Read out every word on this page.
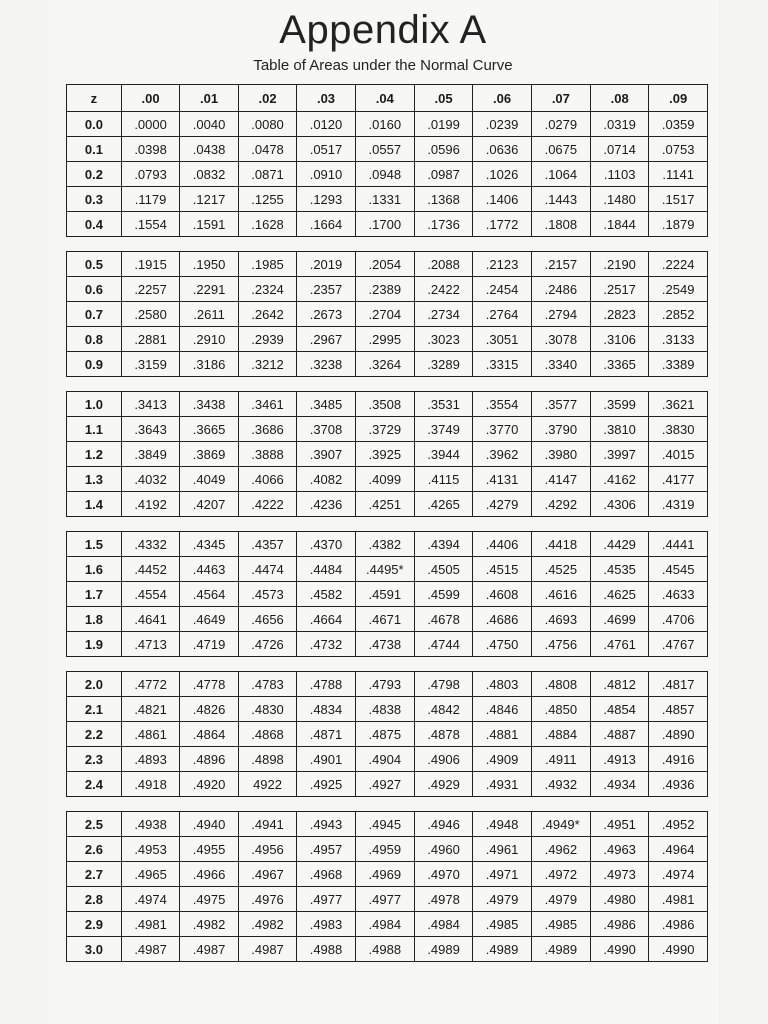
Appendix A
Table of Areas under the Normal Curve
z	.00	.01	.02	.03	.04	.05	.06	.07	.08	.09
0.0	.0000	.0040	.0080	.0120	.0160	.0199	.0239	.0279	.0319	.0359
0.1	.0398	.0438	.0478	.0517	.0557	.0596	.0636	.0675	.0714	.0753
0.2	.0793	.0832	.0871	.0910	.0948	.0987	.1026	.1064	.1103	.1141
0.3	.1179	.1217	.1255	.1293	.1331	.1368	.1406	.1443	.1480	.1517
0.4	.1554	.1591	.1628	.1664	.1700	.1736	.1772	.1808	.1844	.1879

0.5	.1915	.1950	.1985	.2019	.2054	.2088	.2123	.2157	.2190	.2224
0.6	.2257	.2291	.2324	.2357	.2389	.2422	.2454	.2486	.2517	.2549
0.7	.2580	.2611	.2642	.2673	.2704	.2734	.2764	.2794	.2823	.2852
0.8	.2881	.2910	.2939	.2967	.2995	.3023	.3051	.3078	.3106	.3133
0.9	.3159	.3186	.3212	.3238	.3264	.3289	.3315	.3340	.3365	.3389

1.0	.3413	.3438	.3461	.3485	.3508	.3531	.3554	.3577	.3599	.3621
1.1	.3643	.3665	.3686	.3708	.3729	.3749	.3770	.3790	.3810	.3830
1.2	.3849	.3869	.3888	.3907	.3925	.3944	.3962	.3980	.3997	.4015
1.3	.4032	.4049	.4066	.4082	.4099	.4115	.4131	.4147	.4162	.4177
1.4	.4192	.4207	.4222	.4236	.4251	.4265	.4279	.4292	.4306	.4319

1.5	.4332	.4345	.4357	.4370	.4382	.4394	.4406	.4418	.4429	.4441
1.6	.4452	.4463	.4474	.4484	.4495*	.4505	.4515	.4525	.4535	.4545
1.7	.4554	.4564	.4573	.4582	.4591	.4599	.4608	.4616	.4625	.4633
1.8	.4641	.4649	.4656	.4664	.4671	.4678	.4686	.4693	.4699	.4706
1.9	.4713	.4719	.4726	.4732	.4738	.4744	.4750	.4756	.4761	.4767

2.0	.4772	.4778	.4783	.4788	.4793	.4798	.4803	.4808	.4812	.4817
2.1	.4821	.4826	.4830	.4834	.4838	.4842	.4846	.4850	.4854	.4857
2.2	.4861	.4864	.4868	.4871	.4875	.4878	.4881	.4884	.4887	.4890
2.3	.4893	.4896	.4898	.4901	.4904	.4906	.4909	.4911	.4913	.4916
2.4	.4918	.4920	4922	.4925	.4927	.4929	.4931	.4932	.4934	.4936

2.5	.4938	.4940	.4941	.4943	.4945	.4946	.4948	.4949*	.4951	.4952
2.6	.4953	.4955	.4956	.4957	.4959	.4960	.4961	.4962	.4963	.4964
2.7	.4965	.4966	.4967	.4968	.4969	.4970	.4971	.4972	.4973	.4974
2.8	.4974	.4975	.4976	.4977	.4977	.4978	.4979	.4979	.4980	.4981
2.9	.4981	.4982	.4982	.4983	.4984	.4984	.4985	.4985	.4986	.4986
3.0	.4987	.4987	.4987	.4988	.4988	.4989	.4989	.4989	.4990	.4990
